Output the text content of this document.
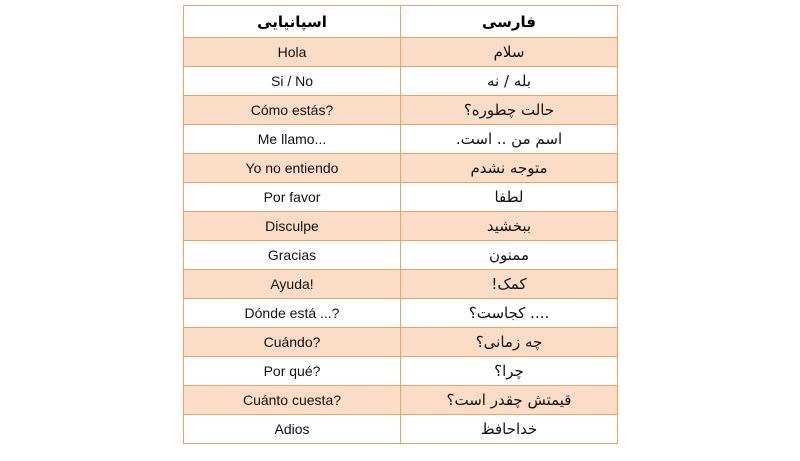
اسپانیایی	فارسی
Hola	سلام
Si / No	بله / نه
Cómo estás?	حالت چطوره؟
Me llamo...	اسم من .. است.
Yo no entiendo	متوجه نشدم
Por favor	لطفا
Disculpe	ببخشید
Gracias	ممنون
Ayuda!	کمک!
Dónde está ...?	.... کجاست؟
Cuándo?	چه زمانی؟
Por qué?	چرا؟
Cuánto cuesta?	قیمتش چقدر است؟
Adios	خداحافظ
